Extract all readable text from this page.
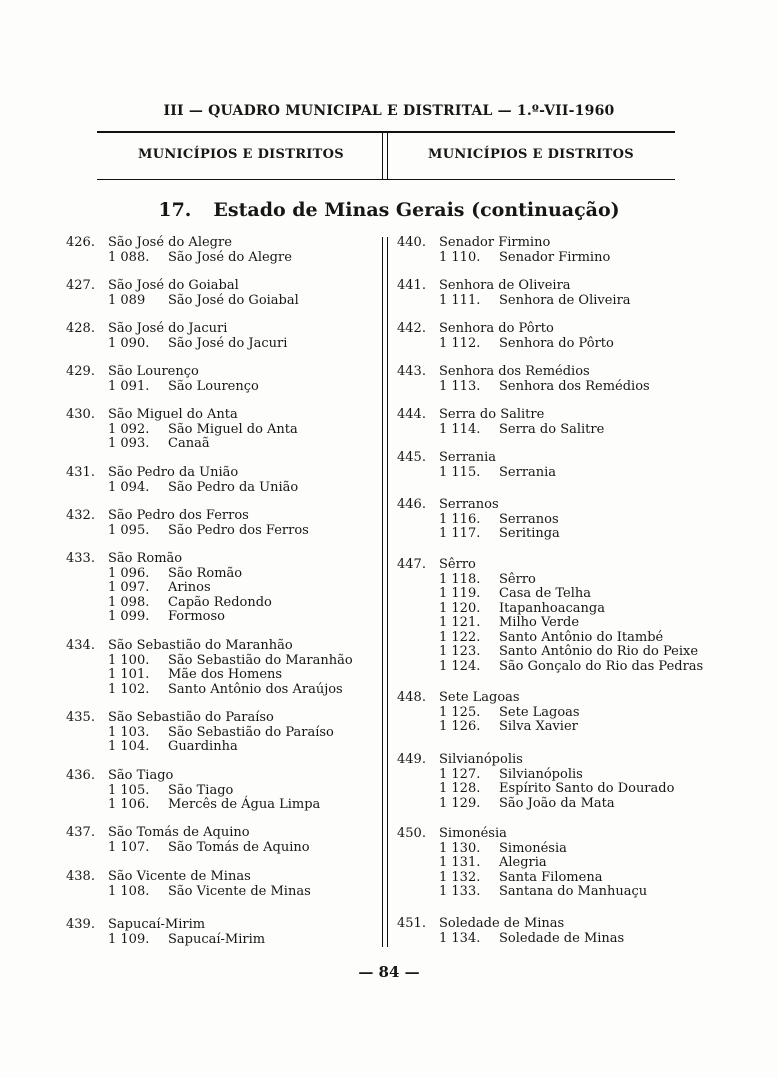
III — QUADRO MUNICIPAL E DISTRITAL — 1.º-VII-1960
MUNICÍPIOS E DISTRITOS	MUNICÍPIOS E DISTRITOS
17. Estado de Minas Gerais (continuação)
426.	São José do Alegre
1 088.	São José do Alegre
427.	São José do Goiabal
1 089	São José do Goiabal
428.	São José do Jacuri
1 090.	São José do Jacuri
429.	São Lourenço
1 091.	São Lourenço
430.	São Miguel do Anta
1 092.	São Miguel do Anta
1 093.	Canaã
431.	São Pedro da União
1 094.	São Pedro da União
432.	São Pedro dos Ferros
1 095.	São Pedro dos Ferros
433.	São Romão
1 096.	São Romão
1 097.	Arinos
1 098.	Capão Redondo
1 099.	Formoso
434.	São Sebastião do Maranhão
1 100.	São Sebastião do Maranhão
1 101.	Mãe dos Homens
1 102.	Santo Antônio dos Araújos
435.	São Sebastião do Paraíso
1 103.	São Sebastião do Paraíso
1 104.	Guardinha
436.	São Tiago
1 105.	São Tiago
1 106.	Mercês de Água Limpa
437.	São Tomás de Aquino
1 107.	São Tomás de Aquino
438.	São Vicente de Minas
1 108.	São Vicente de Minas
439.	Sapucaí-Mirim
1 109.	Sapucaí-Mirim
440.	Senador Firmino
1 110.	Senador Firmino
441.	Senhora de Oliveira
1 111.	Senhora de Oliveira
442.	Senhora do Pôrto
1 112.	Senhora do Pôrto
443.	Senhora dos Remédios
1 113.	Senhora dos Remédios
444.	Serra do Salitre
1 114.	Serra do Salitre
445.	Serrania
1 115.	Serrania
446.	Serranos
1 116.	Serranos
1 117.	Seritinga
447.	Sêrro
1 118.	Sêrro
1 119.	Casa de Telha
1 120.	Itapanhoacanga
1 121.	Milho Verde
1 122.	Santo Antônio do Itambé
1 123.	Santo Antônio do Rio do Peixe
1 124.	São Gonçalo do Rio das Pedras
448.	Sete Lagoas
1 125.	Sete Lagoas
1 126.	Silva Xavier
449.	Silvianópolis
1 127.	Silvianópolis
1 128.	Espírito Santo do Dourado
1 129.	São João da Mata
450.	Simonésia
1 130.	Simonésia
1 131.	Alegria
1 132.	Santa Filomena
1 133.	Santana do Manhuaçu
451.	Soledade de Minas
1 134.	Soledade de Minas
— 84 —
